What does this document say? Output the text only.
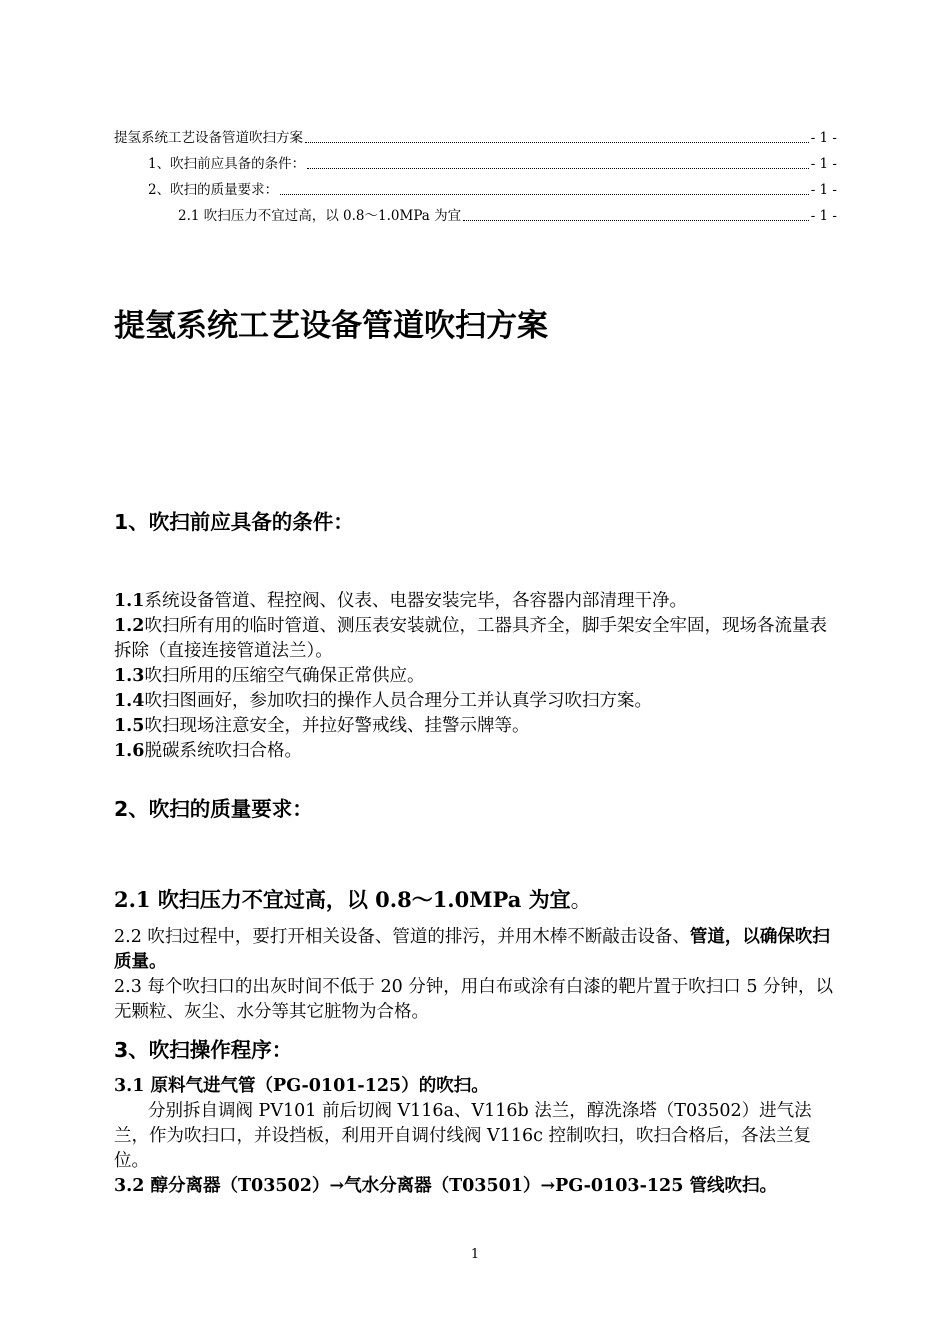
提氢系统工艺设备管道吹扫方案	- 1 -
1、吹扫前应具备的条件：	- 1 -
2、吹扫的质量要求：	- 1 -
2.1 吹扫压力不宜过高，以 0.8～1.0MPa 为宜	- 1 -
提氢系统工艺设备管道吹扫方案
1、吹扫前应具备的条件：

1.1系统设备管道、程控阀、仪表、电器安装完毕，各容器内部清理干净。

1.2吹扫所有用的临时管道、测压表安装就位，工器具齐全，脚手架安全牢固，现场各流量表拆除（直接连接管道法兰）。

1.3吹扫所用的压缩空气确保正常供应。

1.4吹扫图画好，参加吹扫的操作人员合理分工并认真学习吹扫方案。

1.5吹扫现场注意安全，并拉好警戒线、挂警示牌等。

1.6脱碳系统吹扫合格。

2、吹扫的质量要求：
2.1 吹扫压力不宜过高，以 0.8～1.0MPa 为宜。

2.2 吹扫过程中，要打开相关设备、管道的排污，并用木棒不断敲击设备、管道，以确保吹扫质量。

2.3 每个吹扫口的出灰时间不低于 20 分钟，用白布或涂有白漆的靶片置于吹扫口 5 分钟，以无颗粒、灰尘、水分等其它脏物为合格。

3、吹扫操作程序：

3.1 原料气进气管（PG-0101-125）的吹扫。

分别拆自调阀 PV101 前后切阀 V116a、V116b 法兰，醇洗涤塔（T03502）进气法兰，作为吹扫口，并设挡板，利用开自调付线阀 V116c 控制吹扫，吹扫合格后，各法兰复位。

3.2 醇分离器（T03502）→气水分离器（T03501）→PG-0103-125 管线吹扫。

1
